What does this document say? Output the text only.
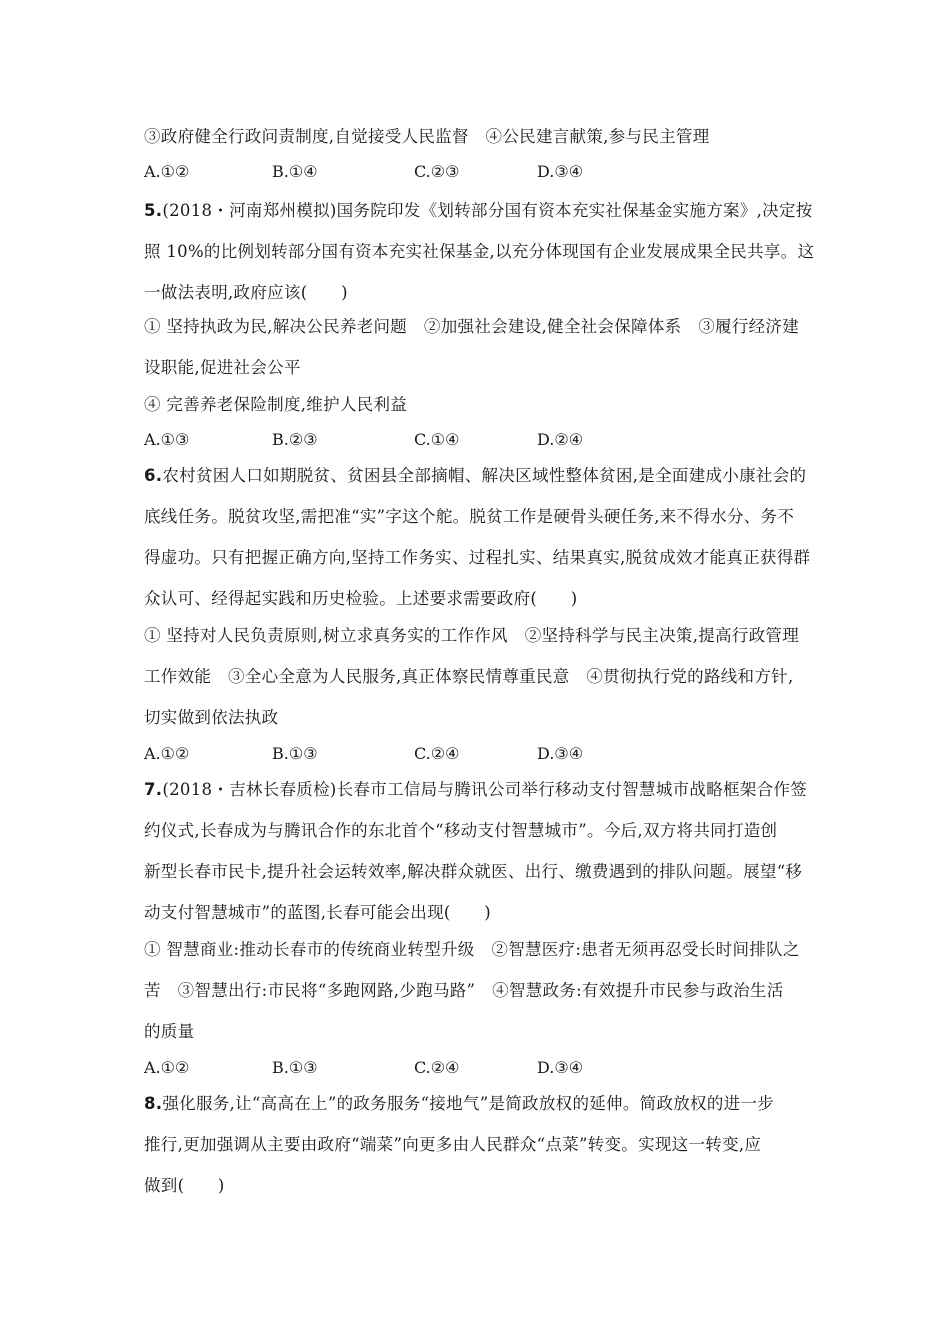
③政府健全行政问责制度,自觉接受人民监督　④公民建言献策,参与民主管理
A.①②	B.①④	C.②③	D.③④
5.(2018・河南郑州模拟)国务院印发《划转部分国有资本充实社保基金实施方案》,决定按
照 10%的比例划转部分国有资本充实社保基金,以充分体现国有企业发展成果全民共享。这
一做法表明,政府应该(　　)
① 坚持执政为民,解决公民养老问题　②加强社会建设,健全社会保障体系　③履行经济建
设职能,促进社会公平
④ 完善养老保险制度,维护人民利益
A.①③	B.②③	C.①④	D.②④
6.农村贫困人口如期脱贫、贫困县全部摘帽、解决区域性整体贫困,是全面建成小康社会的
底线任务。脱贫攻坚,需把准“实”字这个舵。脱贫工作是硬骨头硬任务,来不得水分、务不
得虚功。只有把握正确方向,坚持工作务实、过程扎实、结果真实,脱贫成效才能真正获得群
众认可、经得起实践和历史检验。上述要求需要政府(　　)
① 坚持对人民负责原则,树立求真务实的工作作风　②坚持科学与民主决策,提高行政管理
工作效能　③全心全意为人民服务,真正体察民情尊重民意　④贯彻执行党的路线和方针,
切实做到依法执政
A.①②	B.①③	C.②④	D.③④
7.(2018・吉林长春质检)长春市工信局与腾讯公司举行移动支付智慧城市战略框架合作签
约仪式,长春成为与腾讯合作的东北首个“移动支付智慧城市”。今后,双方将共同打造创
新型长春市民卡,提升社会运转效率,解决群众就医、出行、缴费遇到的排队问题。展望“移
动支付智慧城市”的蓝图,长春可能会出现(　　)
① 智慧商业:推动长春市的传统商业转型升级　②智慧医疗:患者无须再忍受长时间排队之
苦　③智慧出行:市民将“多跑网路,少跑马路”　④智慧政务:有效提升市民参与政治生活
的质量
A.①②	B.①③	C.②④	D.③④
8.强化服务,让“高高在上”的政务服务“接地气”是简政放权的延伸。简政放权的进一步
推行,更加强调从主要由政府“端菜”向更多由人民群众“点菜”转变。实现这一转变,应
做到(　　)
